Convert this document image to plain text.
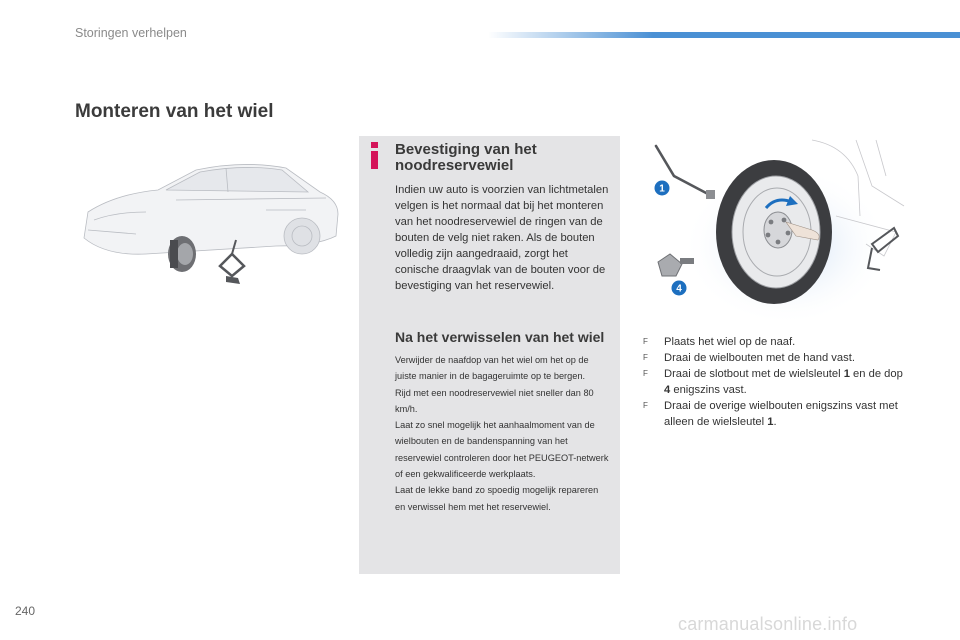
Storingen verhelpen
Monteren van het wiel
Bevestiging van het
noodreservewiel

Indien uw auto is voorzien van lichtmetalen velgen is het normaal dat bij het monteren van het noodreservewiel de ringen van de bouten de velg niet raken. Als de bouten volledig zijn aangedraaid, zorgt het conische draagvlak van de bouten voor de bevestiging van het reservewiel.

Na het verwisselen van het wiel

Verwijder de naafdop van het wiel om het op de juiste manier in de bagageruimte op te bergen.

Rijd met een noodreservewiel niet sneller dan 80 km/h.

Laat zo snel mogelijk het aanhaalmoment van de wielbouten en de bandenspanning van het reservewiel controleren door het PEUGEOT-netwerk of een gekwalificeerde werkplaats.

Laat de lekke band zo spoedig mogelijk repareren en verwissel hem met het reservewiel.

1
4
F Plaats het wiel op de naaf.
F Draai de wielbouten met de hand vast.
F Draai de slotbout met de wielsleutel 1 en de dop 4 enigszins vast.
F Draai de overige wielbouten enigszins vast met alleen de wielsleutel 1.
240
carmanualsonline.info
